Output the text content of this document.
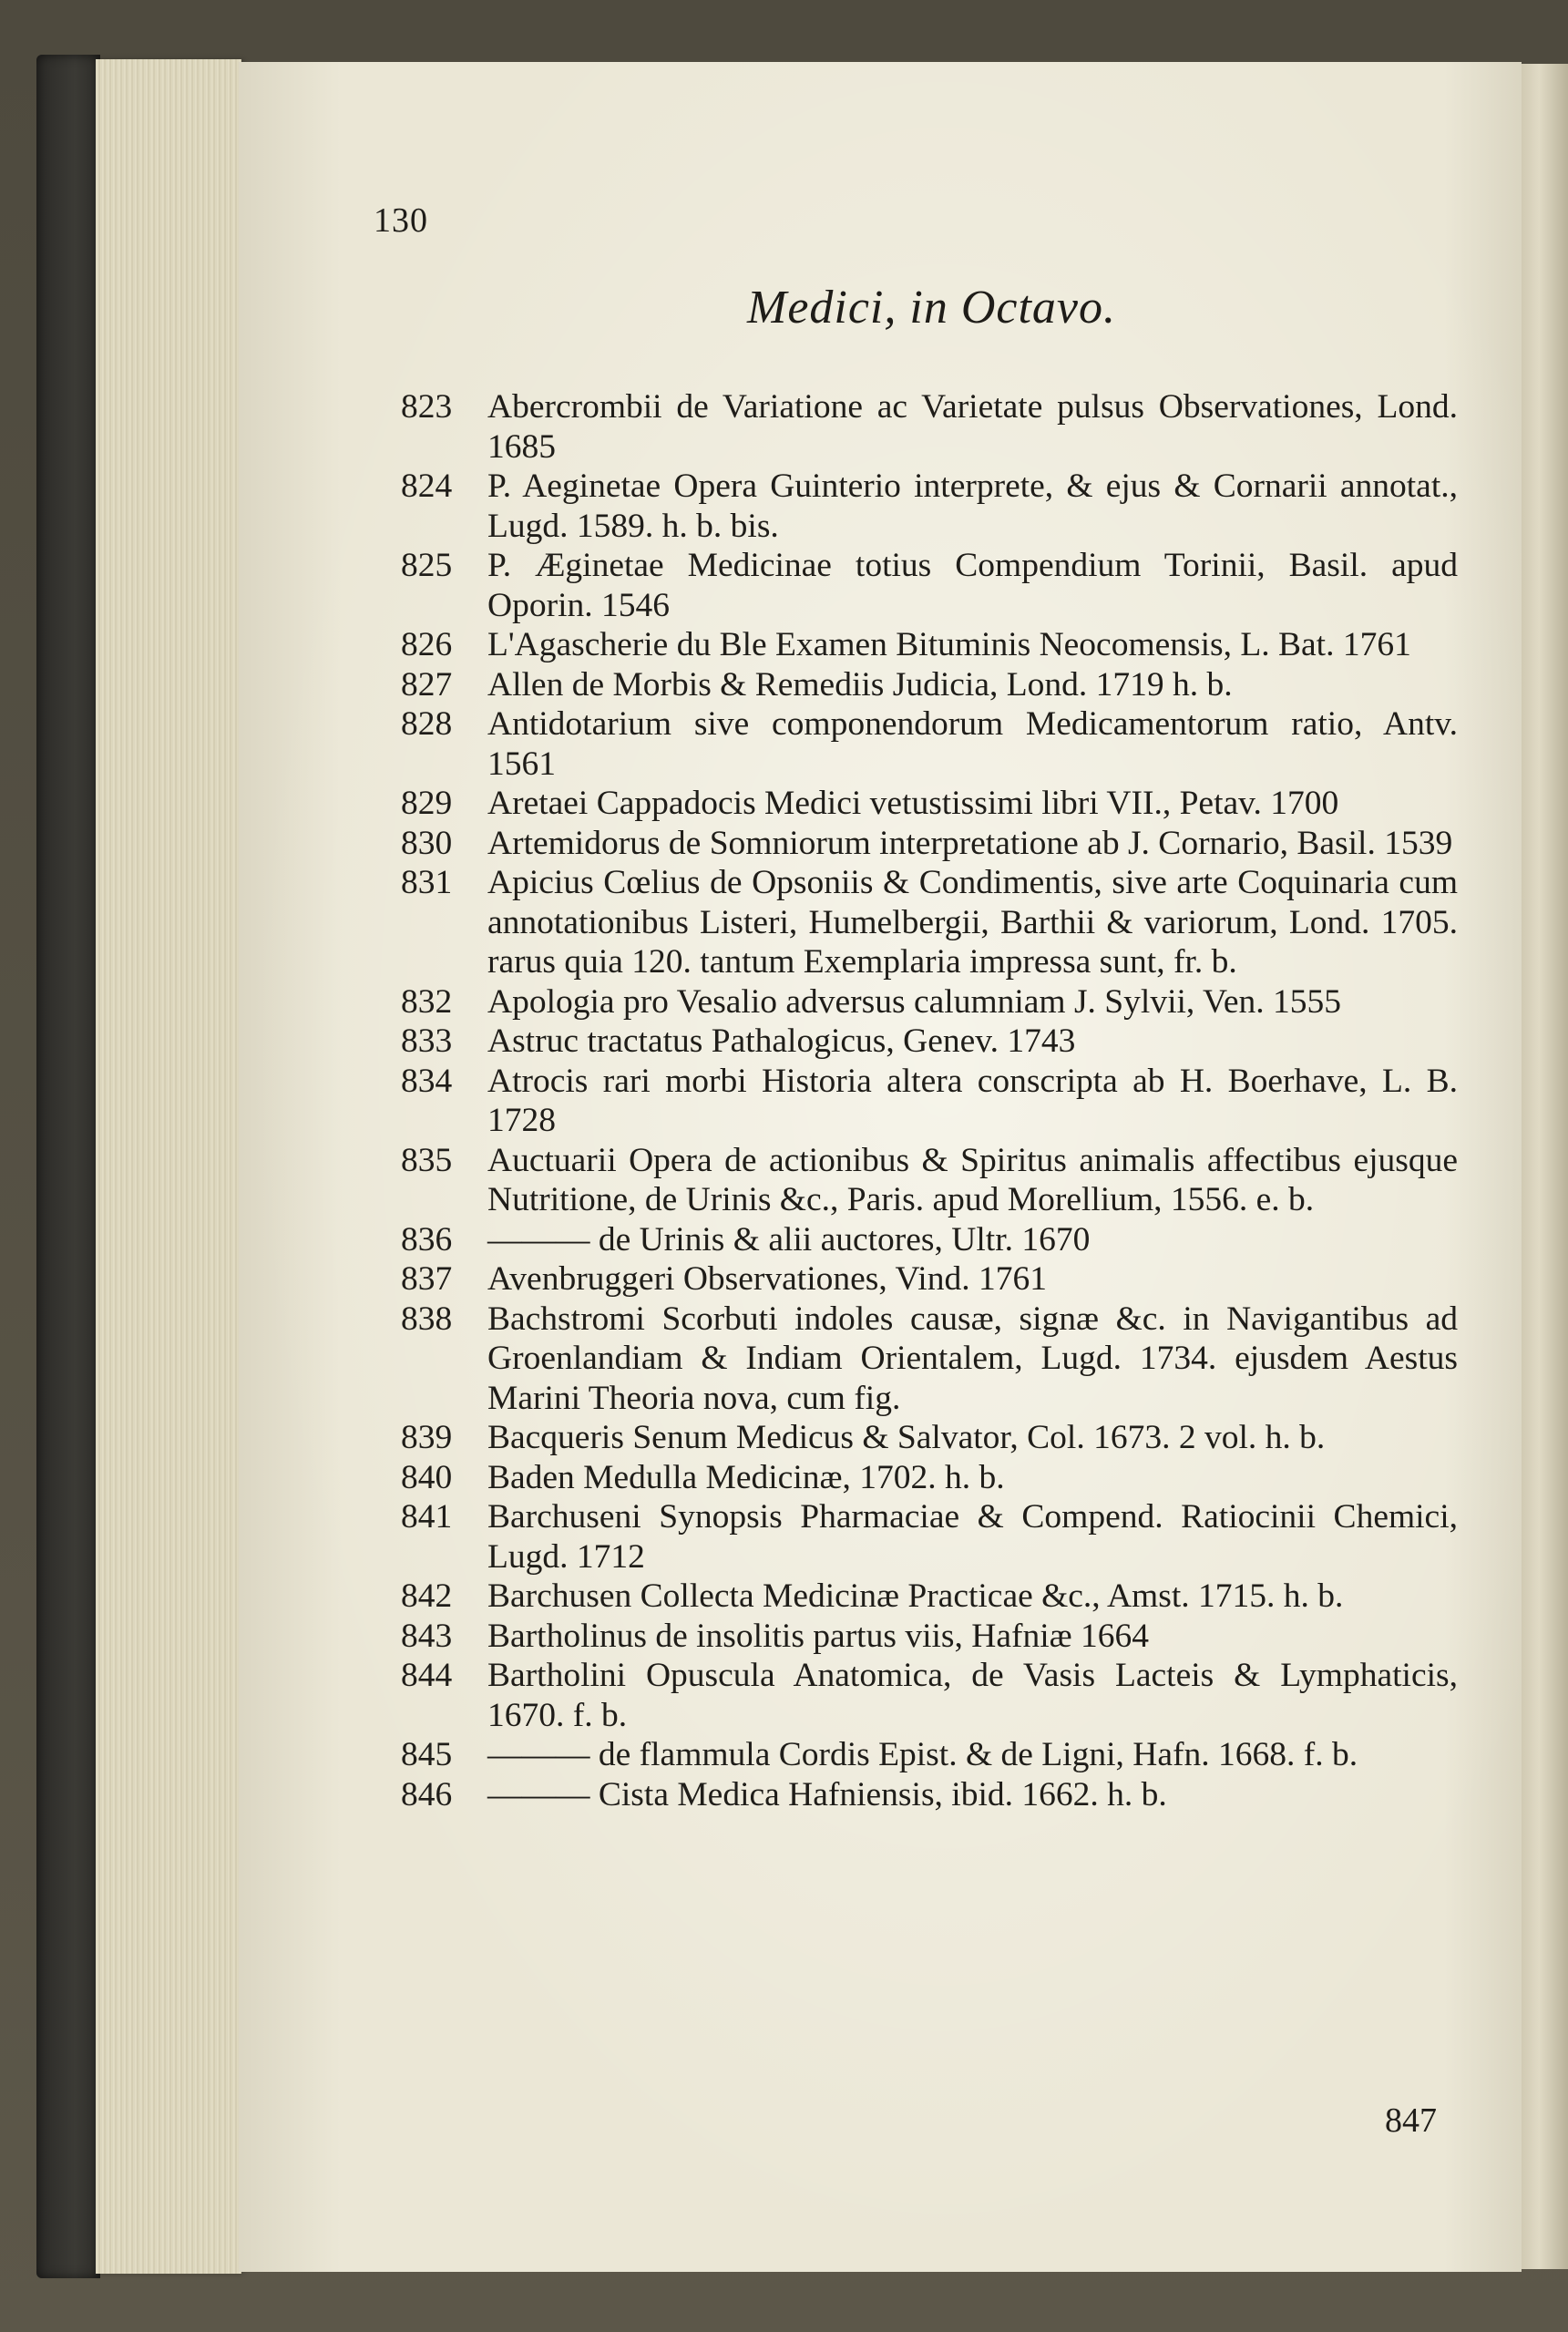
130
Medici, in Octavo.
823	Abercrombii de Variatione ac Varietate pulsus Observationes, Lond. 1685
824	P. Aeginetae Opera Guinterio interprete, & ejus & Cornarii annotat., Lugd. 1589. h. b. bis.
825	P. Æginetae Medicinae totius Compendium Torinii, Basil. apud Oporin. 1546
826	L'Agascherie du Ble Examen Bituminis Neocomensis, L. Bat. 1761
827	Allen de Morbis & Remediis Judicia, Lond. 1719 h. b.
828	Antidotarium sive componendorum Medicamentorum ratio, Antv. 1561
829	Aretaei Cappadocis Medici vetustissimi libri VII., Petav. 1700
830	Artemidorus de Somniorum interpretatione ab J. Cornario, Basil. 1539
831	Apicius Cœlius de Opsoniis & Condimentis, sive arte Coquinaria cum annotationibus Listeri, Humelbergii, Barthii & variorum, Lond. 1705. rarus quia 120. tantum Exemplaria impressa sunt, fr. b.
832	Apologia pro Vesalio adversus calumniam J. Sylvii, Ven. 1555
833	Astruc tractatus Pathalogicus, Genev. 1743
834	Atrocis rari morbi Historia altera conscripta ab H. Boerhave, L. B. 1728
835	Auctuarii Opera de actionibus & Spiritus animalis affectibus ejusque Nutritione, de Urinis &c., Paris. apud Morellium, 1556. e. b.
836	——— de Urinis & alii auctores, Ultr. 1670
837	Avenbruggeri Observationes, Vind. 1761
838	Bachstromi Scorbuti indoles causæ, signæ &c. in Navigantibus ad Groenlandiam & Indiam Orientalem, Lugd. 1734. ejusdem Aestus Marini Theoria nova, cum fig.
839	Bacqueris Senum Medicus & Salvator, Col. 1673. 2 vol. h. b.
840	Baden Medulla Medicinæ, 1702. h. b.
841	Barchuseni Synopsis Pharmaciae & Compend. Ratiocinii Chemici, Lugd. 1712
842	Barchusen Collecta Medicinæ Practicae &c., Amst. 1715. h. b.
843	Bartholinus de insolitis partus viis, Hafniæ 1664
844	Bartholini Opuscula Anatomica, de Vasis Lacteis & Lymphaticis, 1670. f. b.
845	——— de flammula Cordis Epist. & de Ligni, Hafn. 1668. f. b.
846	——— Cista Medica Hafniensis, ibid. 1662. h. b.
847
